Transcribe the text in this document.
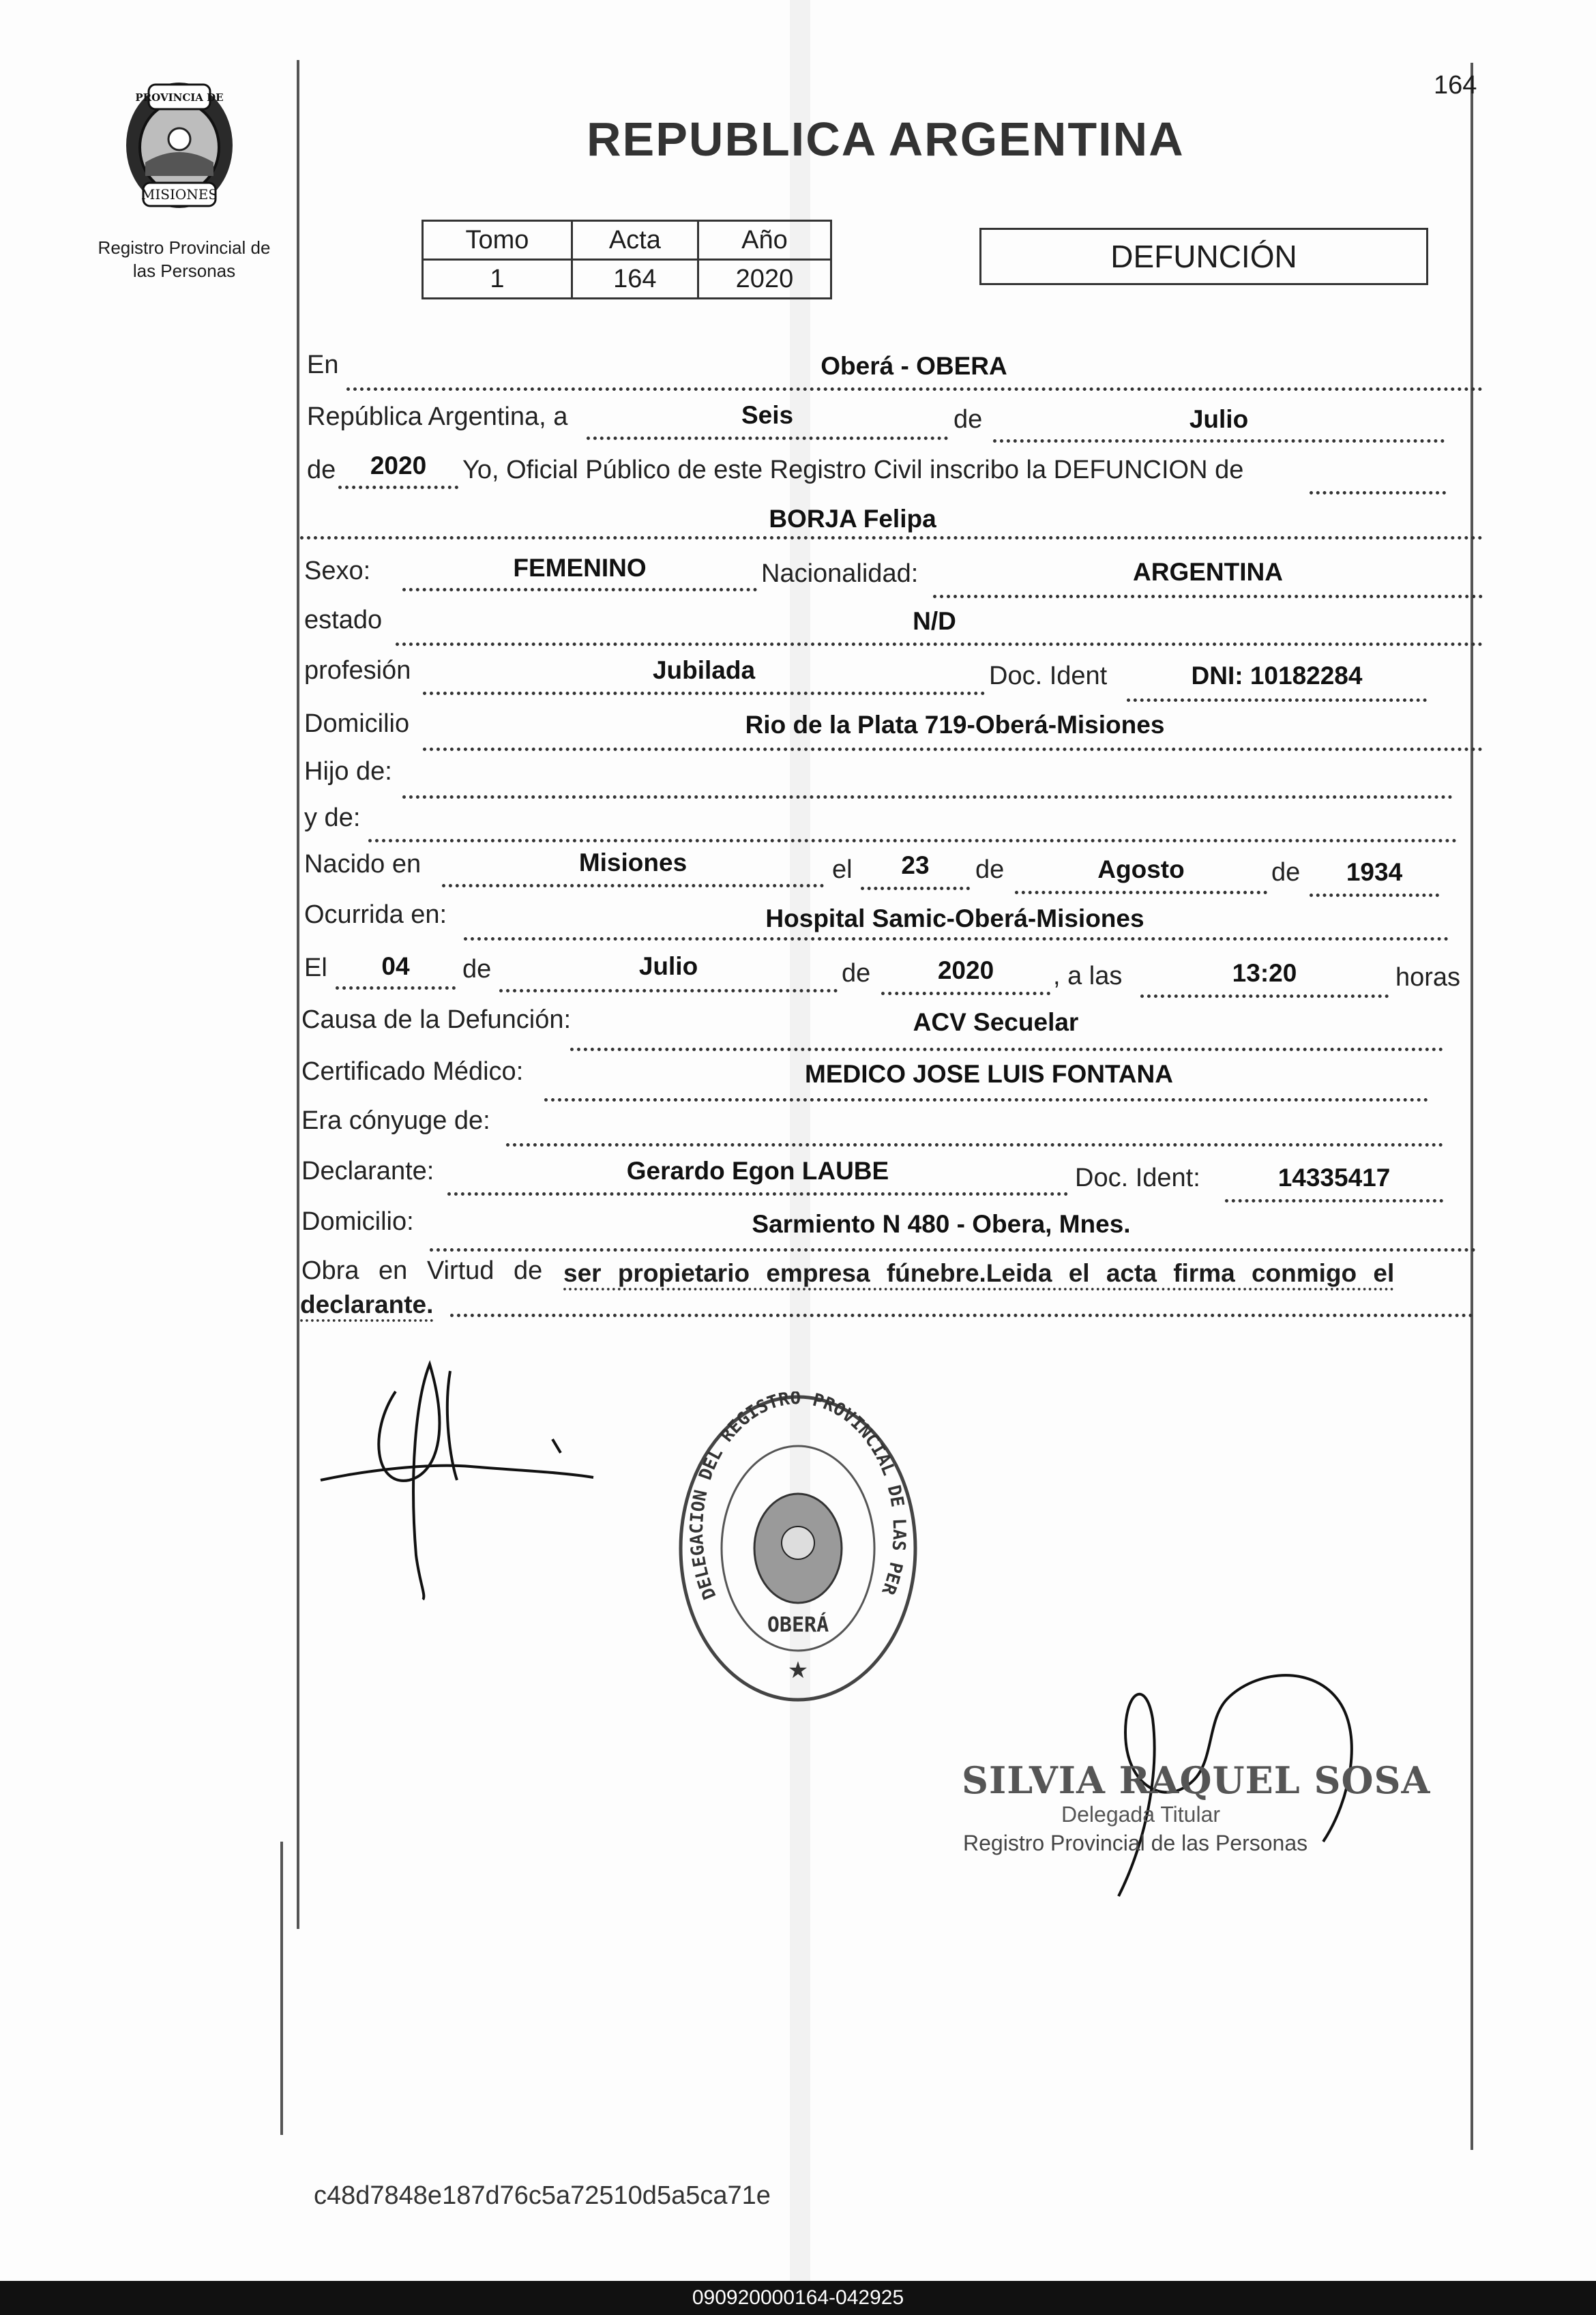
164
PROVINCIA DE
MISIONES
Registro Provincial de
las Personas
REPUBLICA ARGENTINA
Tomo	Acta	Año
1	164	2020
DEFUNCIÓN
En	Oberá - OBERA
República Argentina, a	Seis	de	Julio
de	2020	Yo, Oficial Público de este Registro Civil inscribo la DEFUNCION de
BORJA Felipa
Sexo:	FEMENINO	Nacionalidad:	ARGENTINA
estado	N/D
profesión	Jubilada	Doc. Ident	DNI: 10182284
Domicilio	Rio de la Plata 719-Oberá-Misiones
Hijo de:
y de:
Nacido en	Misiones	el	23	de	Agosto	de	1934
Ocurrida en:	Hospital Samic-Oberá-Misiones
El	04	de	Julio	de	2020	, a las	13:20	horas
Causa de la Defunción:	ACV Secuelar
Certificado Médico:	MEDICO JOSE LUIS FONTANA
Era cónyuge de:
Declarante:	Gerardo Egon LAUBE	Doc. Ident:	14335417
Domicilio:	Sarmiento N 480 - Obera, Mnes.
Obra en Virtud de ser propietario empresa fúnebre.Leida el acta firma conmigo el
declarante.
DELEGACION DEL REGISTRO PROVINCIAL DE LAS PER
OBERÁ
★
SILVIA RAQUEL SOSA
Delegada Titular
Registro Provincial de las Personas
c48d7848e187d76c5a72510d5a5ca71e
090920000164-042925
